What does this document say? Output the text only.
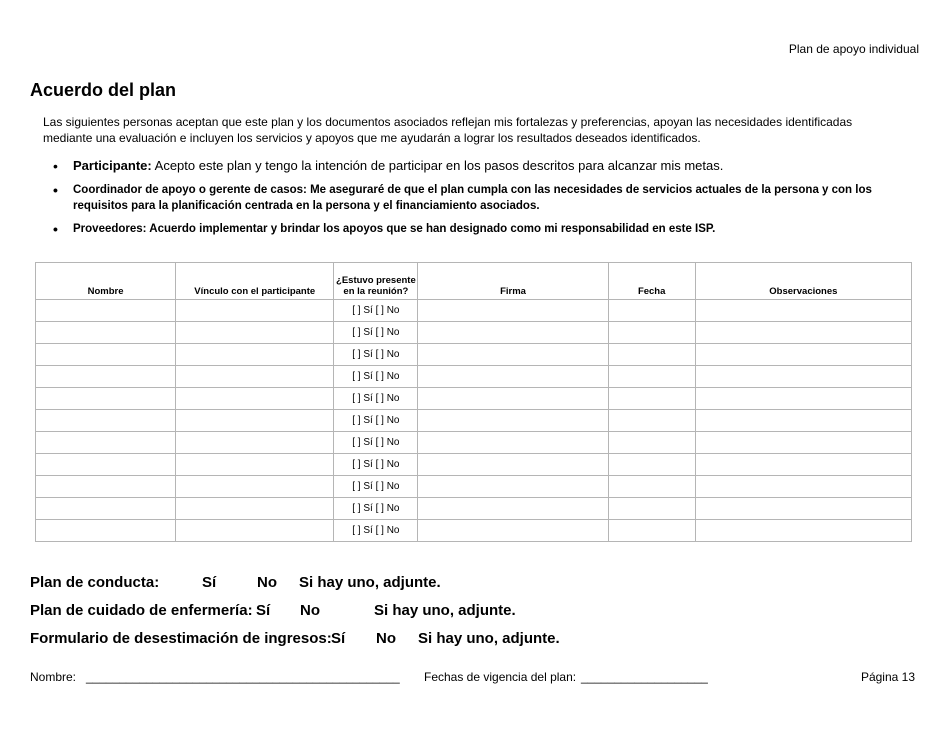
Plan de apoyo individual
Acuerdo del plan
Las siguientes personas aceptan que este plan y los documentos asociados reflejan mis fortalezas y preferencias, apoyan las necesidades identificadas mediante una evaluación e incluyen los servicios y apoyos que me ayudarán a lograr los resultados deseados identificados.
• Participante: Acepto este plan y tengo la intención de participar en los pasos descritos para alcanzar mis metas.
• Coordinador de apoyo o gerente de casos: Me aseguraré de que el plan cumpla con las necesidades de servicios actuales de la persona y con los requisitos para la planificación centrada en la persona y el financiamiento asociados.
• Proveedores: Acuerdo implementar y brindar los apoyos que se han designado como mi responsabilidad en este ISP.
Nombre	Vínculo con el participante	¿Estuvo presente en la reunión?	Firma	Fecha	Observaciones
		[ ] Sí [ ] No			
		[ ] Sí [ ] No			
		[ ] Sí [ ] No			
		[ ] Sí [ ] No			
		[ ] Sí [ ] No			
		[ ] Sí [ ] No			
		[ ] Sí [ ] No			
		[ ] Sí [ ] No			
		[ ] Sí [ ] No			
		[ ] Sí [ ] No			
		[ ] Sí [ ] No			
Plan de conducta:	Sí	No Si hay uno, adjunte.
Plan de cuidado de enfermería: Sí No	Si hay uno, adjunte.
Formulario de desestimación de ingresos: Sí No Si hay uno, adjunte.
Nombre: _______________________________________________ Fechas de vigencia del plan: ___________________	Página 13
